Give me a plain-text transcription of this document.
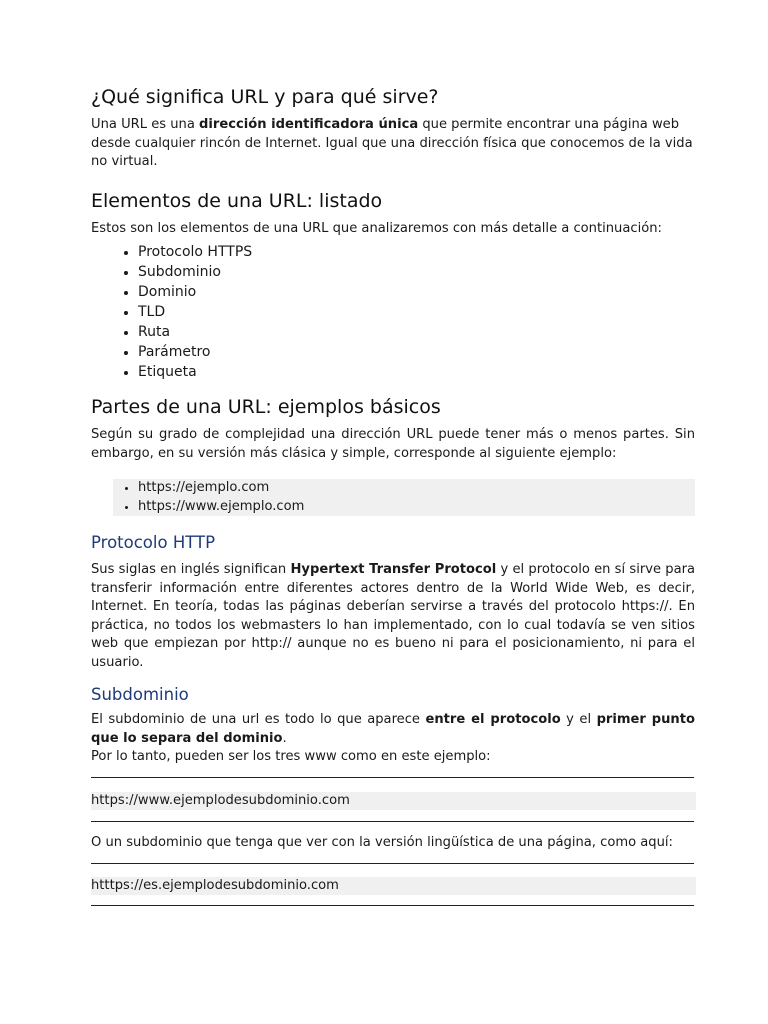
¿Qué significa URL y para qué sirve?

Una URL es una dirección identificadora única que permite encontrar una página web desde cualquier rincón de Internet. Igual que una dirección física que conocemos de la vida no virtual.

Elementos de una URL: listado

Estos son los elementos de una URL que analizaremos con más detalle a continuación:

• Protocolo HTTPS
• Subdominio
• Dominio
• TLD
• Ruta
• Parámetro
• Etiqueta
Partes de una URL: ejemplos básicos

Según su grado de complejidad una dirección URL puede tener más o menos partes. Sin embargo, en su versión más clásica y simple, corresponde al siguiente ejemplo:

• https://ejemplo.com
• https://www.ejemplo.com
Protocolo HTTP

Sus siglas en inglés significan Hypertext Transfer Protocol y el protocolo en sí sirve para transferir información entre diferentes actores dentro de la World Wide Web, es decir, Internet. En teoría, todas las páginas deberían servirse a través del protocolo https://. En práctica, no todos los webmasters lo han implementado, con lo cual todavía se ven sitios web que empiezan por http:// aunque no es bueno ni para el posicionamiento, ni para el usuario.

Subdominio

El subdominio de una url es todo lo que aparece entre el protocolo y el primer punto que lo separa del dominio.

Por lo tanto, pueden ser los tres www como en este ejemplo:

https://www.ejemplodesubdominio.com

O un subdominio que tenga que ver con la versión lingüística de una página, como aquí:

htttps://es.ejemplodesubdominio.com
